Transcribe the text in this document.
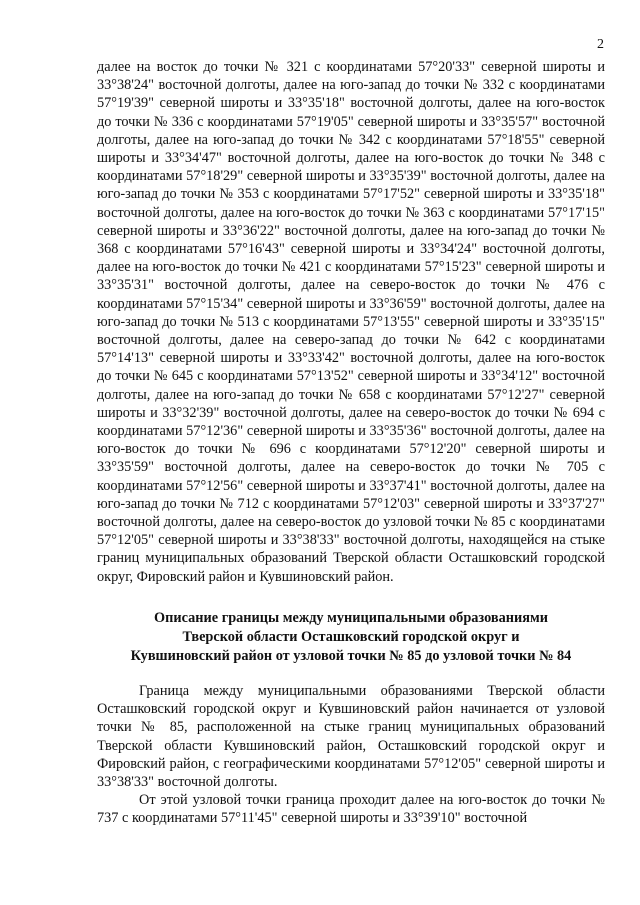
2

далее на восток до точки № 321 с координатами 57°20'33" северной широты и 33°38'24" восточной долготы, далее на юго-запад до точки № 332 с координатами 57°19'39" северной широты и 33°35'18" восточной долготы, далее на юго-восток до точки № 336 с координатами 57°19'05" северной широты и 33°35'57" восточной долготы, далее на юго-запад до точки № 342 с координатами 57°18'55" северной широты и 33°34'47" восточной долготы, далее на юго-восток до точки № 348 с координатами 57°18'29" северной широты и 33°35'39" восточной долготы, далее на юго-запад до точки № 353 с координатами 57°17'52" северной широты и 33°35'18" восточной долготы, далее на юго-восток до точки № 363 с координатами 57°17'15" северной широты и 33°36'22" восточной долготы, далее на юго-запад до точки № 368 с координатами 57°16'43" северной широты и 33°34'24" восточной долготы, далее на юго-восток до точки № 421 с координатами 57°15'23" северной широты и 33°35'31" восточной долготы, далее на северо-восток до точки № 476 с координатами 57°15'34" северной широты и 33°36'59" восточной долготы, далее на юго-запад до точки № 513 с координатами 57°13'55" северной широты и 33°35'15" восточной долготы, далее на северо-запад до точки № 642 с координатами 57°14'13" северной широты и 33°33'42" восточной долготы, далее на юго-восток до точки № 645 с координатами 57°13'52" северной широты и 33°34'12" восточной долготы, далее на юго-запад до точки № 658 с координатами 57°12'27" северной широты и 33°32'39" восточной долготы, далее на северо-восток до точки № 694 с координатами 57°12'36" северной широты и 33°35'36" восточной долготы, далее на юго-восток до точки № 696 с координатами 57°12'20" северной широты и 33°35'59" восточной долготы, далее на северо-восток до точки № 705 с координатами 57°12'56" северной широты и 33°37'41" восточной долготы, далее на юго-запад до точки № 712 с координатами 57°12'03" северной широты и 33°37'27" восточной долготы, далее на северо-восток до узловой точки № 85 с координатами 57°12'05" северной широты и 33°38'33" восточной долготы, находящейся на стыке границ муниципальных образований Тверской области Осташковский городской округ, Фировский район и Кувшиновский район.

Описание границы между муниципальными образованиями
Тверской области Осташковский городской округ и
Кувшиновский район от узловой точки № 85 до узловой точки № 84

Граница между муниципальными образованиями Тверской области Осташковский городской округ и Кувшиновский район начинается от узловой точки № 85, расположенной на стыке границ муниципальных образований Тверской области Кувшиновский район, Осташковский городской округ и Фировский район, с географическими координатами 57°12'05" северной широты и 33°38'33" восточной долготы.

От этой узловой точки граница проходит далее на юго-восток до точки № 737 с координатами 57°11'45" северной широты и 33°39'10" восточной
